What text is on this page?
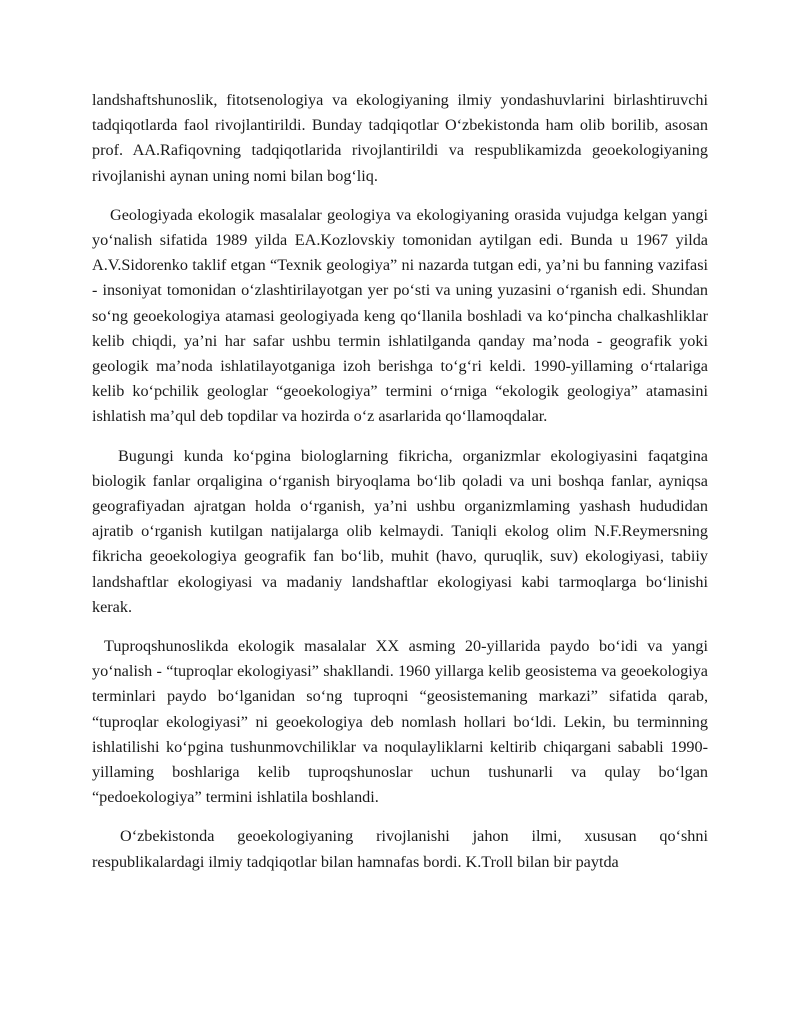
landshaftshunoslik, fitotsenologiya va ekologiyaning ilmiy yondashuvlarini birlashtiruvchi tadqiqotlarda faol rivojlantirildi. Bunday tadqiqotlar O‘zbekistonda ham olib borilib, asosan prof. AA.Rafiqovning tadqiqotlarida rivojlantirildi va respublikamizda geoekologiyaning rivojlanishi aynan uning nomi bilan bog‘liq.

Geologiyada ekologik masalalar geologiya va ekologiyaning orasida vujudga kelgan yangi yo‘nalish sifatida 1989 yilda EA.Kozlovskiy tomonidan aytilgan edi. Bunda u 1967 yilda A.V.Sidorenko taklif etgan “Texnik geologiya” ni nazarda tutgan edi, ya’ni bu fanning vazifasi - insoniyat tomonidan o‘zlashtirilayotgan yer po‘sti va uning yuzasini o‘rganish edi. Shundan so‘ng geoekologiya atamasi geologiyada keng qo‘llanila boshladi va ko‘pincha chalkashliklar kelib chiqdi, ya’ni har safar ushbu termin ishlatilganda qanday ma’noda - geografik yoki geologik ma’noda ishlatilayotganiga izoh berishga to‘g‘ri keldi. 1990-yillaming o‘rtalariga kelib ko‘pchilik geologlar “geoekologiya” termini o‘rniga “ekologik geologiya” atamasini ishlatish ma’qul deb topdilar va hozirda o‘z asarlarida qo‘llamoqdalar.

Bugungi kunda ko‘pgina biologlarning fikricha, organizmlar ekologiyasini faqatgina biologik fanlar orqaligina o‘rganish biryoqlama bo‘lib qoladi va uni boshqa fanlar, ayniqsa geografiyadan ajratgan holda o‘rganish, ya’ni ushbu organizmlaming yashash hududidan ajratib o‘rganish kutilgan natijalarga olib kelmaydi. Taniqli ekolog olim N.F.Reymersning fikricha geoekologiya geografik fan bo‘lib, muhit (havo, quruqlik, suv) ekologiyasi, tabiiy landshaftlar ekologiyasi va madaniy landshaftlar ekologiyasi kabi tarmoqlarga bo‘linishi kerak.

Tuproqshunoslikda ekologik masalalar XX asming 20-yillarida paydo bo‘idi va yangi yo‘nalish - “tuproqlar ekologiyasi” shakllandi. 1960 yillarga kelib geosistema va geoekologiya terminlari paydo bo‘lganidan so‘ng tuproqni “geosistemaning markazi” sifatida qarab, “tuproqlar ekologiyasi” ni geoekologiya deb nomlash hollari bo‘ldi. Lekin, bu terminning ishlatilishi ko‘pgina tushunmovchiliklar va noqulayliklarni keltirib chiqargani sababli 1990-yillaming boshlariga kelib tuproqshunoslar uchun tushunarli va qulay bo‘lgan “pedoekologiya” termini ishlatila boshlandi.

O‘zbekistonda geoekologiyaning rivojlanishi jahon ilmi, xususan qo‘shni respublikalardagi ilmiy tadqiqotlar bilan hamnafas bordi. K.Troll bilan bir paytda
